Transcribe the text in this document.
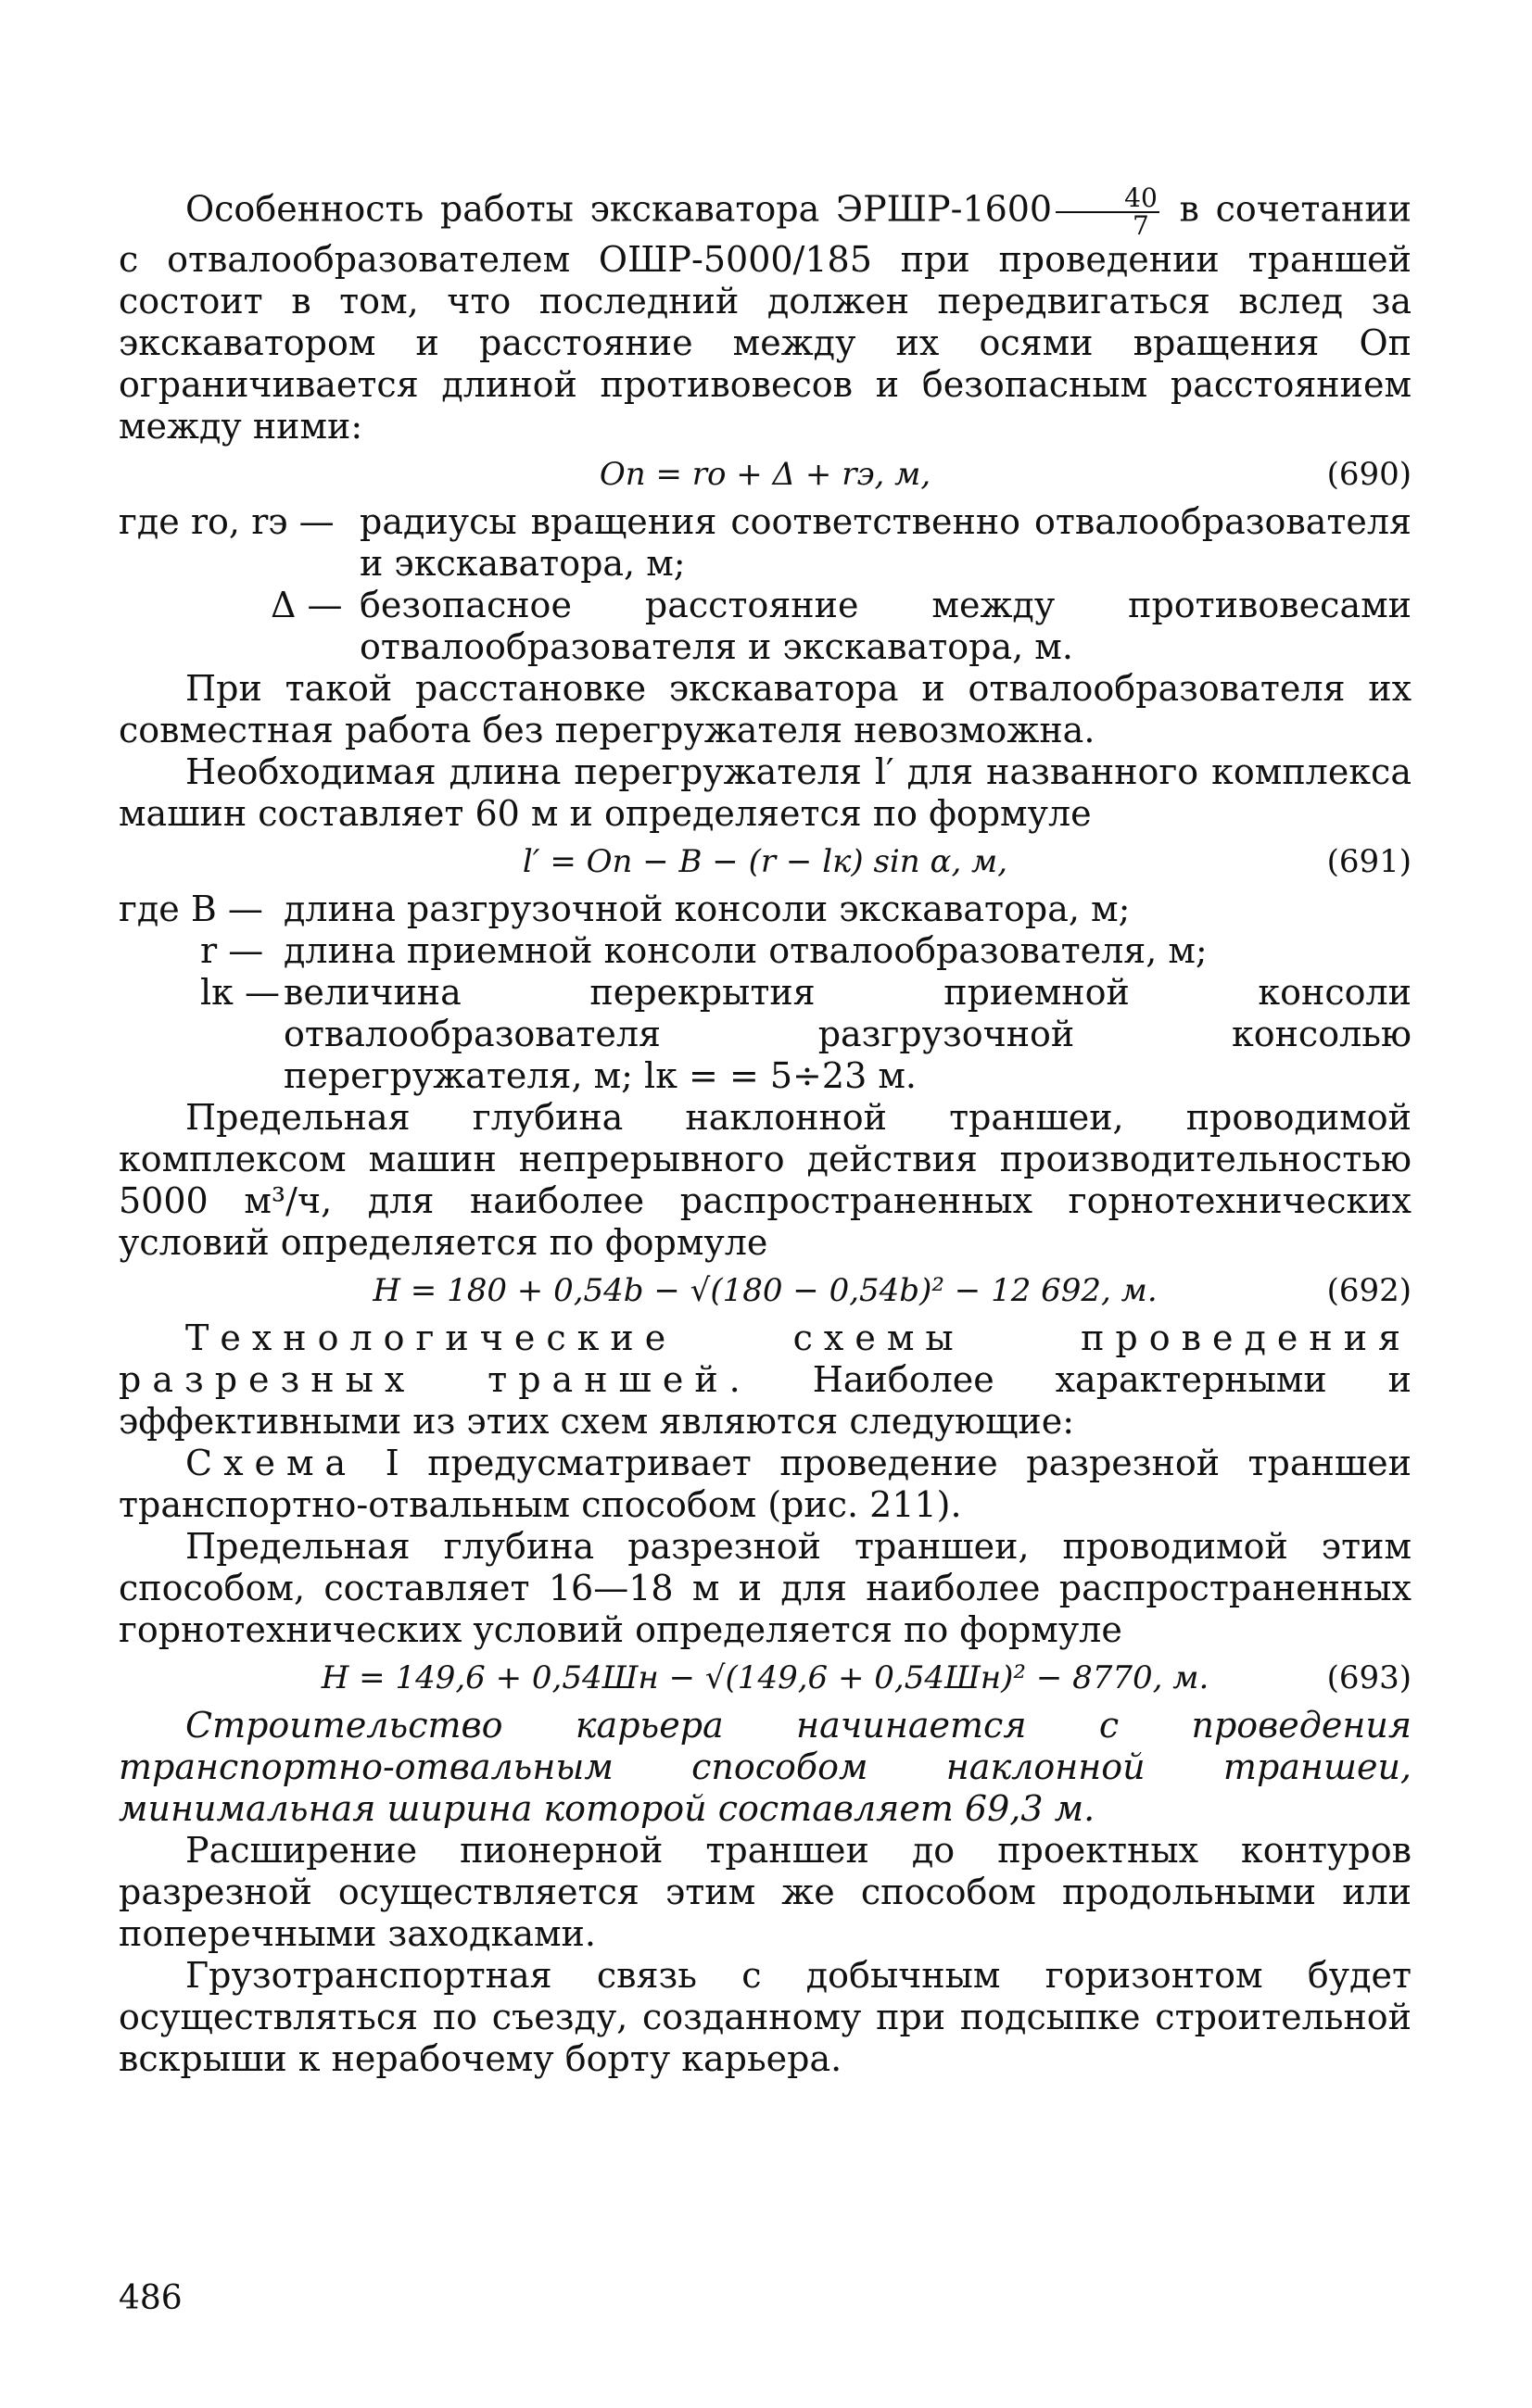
Особенность работы экскаватора ЭРШР-1600 $\frac{40}{7}$ в сочетании с отвалообразователем ОШР-5000/185 при проведении траншей состоит в том, что последний должен передвигаться вслед за экскаватором и расстояние между их осями вращения Оп ограничивается длиной противовесов и безопасным расстоянием между ними:

Оп = rо + Δ + rэ, м,	(690)
где rо, rэ — радиусы вращения соответственно отвалообразователя и экскаватора, м;
Δ — безопасное расстояние между противовесами отвалообразователя и экскаватора, м.

При такой расстановке экскаватора и отвалообразователя их совместная работа без перегружателя невозможна.

Необходимая длина перегружателя l′ для названного комплекса машин составляет 60 м и определяется по формуле

l′ = Оп − B − (r − lк) sin α, м,	(691)
где B — длина разгрузочной консоли экскаватора, м;
r — длина приемной консоли отвалообразователя, м;
lк — величина перекрытия приемной консоли отвалообразователя разгрузочной консолью перегружателя, м; lк = = 5÷23 м.

Предельная глубина наклонной траншеи, проводимой комплексом машин непрерывного действия производительностью 5000 м³/ч, для наиболее распространенных горнотехнических условий определяется по формуле

H = 180 + 0,54b − √(180 − 0,54b)² − 12 692, м.	(692)

Технологические схемы проведения разрезных траншей. Наиболее характерными и эффективными из этих схем являются следующие:

Схема I предусматривает проведение разрезной траншеи транспортно-отвальным способом (рис. 211).

Предельная глубина разрезной траншеи, проводимой этим способом, составляет 16—18 м и для наиболее распространенных горнотехнических условий определяется по формуле

H = 149,6 + 0,54Шн − √(149,6 + 0,54Шн)² − 8770, м.	(693)

Строительство карьера начинается с проведения транспортно-отвальным способом наклонной траншеи, минимальная ширина которой составляет 69,3 м.

Расширение пионерной траншеи до проектных контуров разрезной осуществляется этим же способом продольными или поперечными заходками.

Грузотранспортная связь с добычным горизонтом будет осуществляться по съезду, созданному при подсыпке строительной вскрыши к нерабочему борту карьера.

486
